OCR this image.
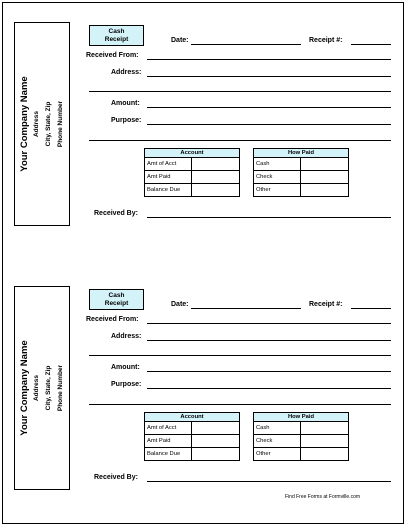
Your Company Name Address City, State, Zip Phone Number
Cash
Receipt	Date:	Receipt #:
Received From:
Address:
Amount:
Purpose:
Account	
Amt of Acct	
Amt Paid	
Balance Due	
How Paid	
Cash	
Check	
Other	
Received By:
Your Company Name Address City, State, Zip Phone Number
Cash
Receipt	Date:	Receipt #:
Received From:
Address:
Amount:
Purpose:
Account	
Amt of Acct	
Amt Paid	
Balance Due	
How Paid	
Cash	
Check	
Other	
Received By:
Find Free Forms at Formville.com
